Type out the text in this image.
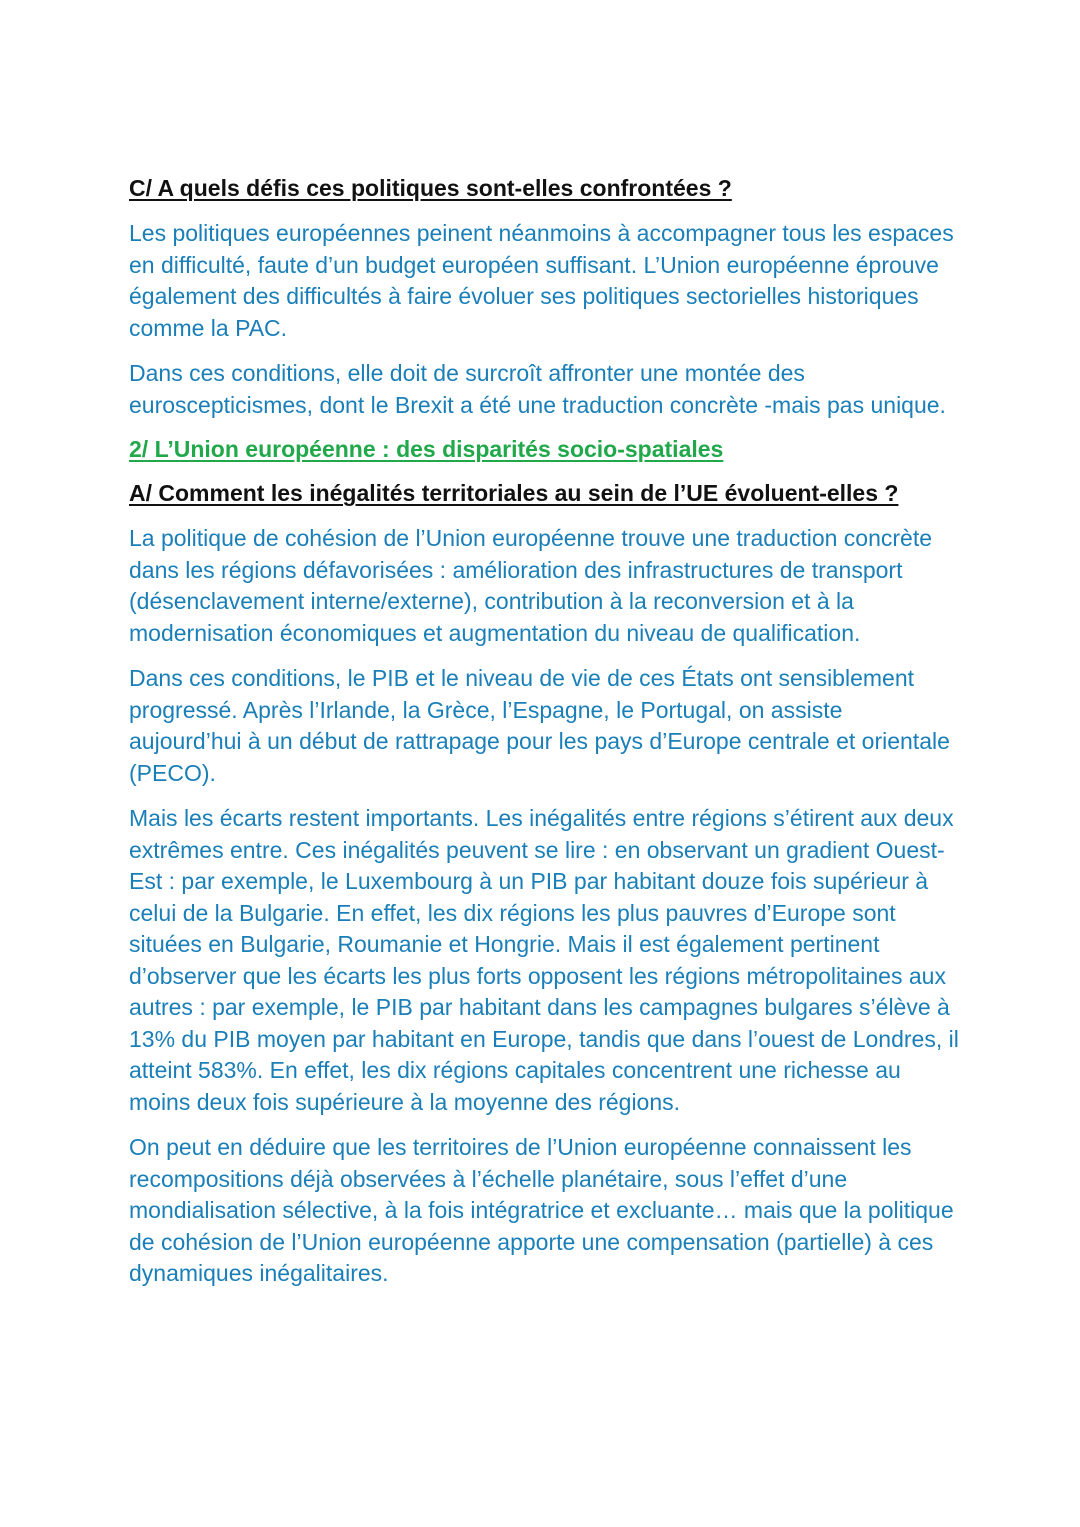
C/ A quels défis ces politiques sont-elles confrontées ?

Les politiques européennes peinent néanmoins à accompagner tous les espaces en difficulté, faute d’un budget européen suffisant. L’Union européenne éprouve également des difficultés à faire évoluer ses politiques sectorielles historiques comme la PAC.

Dans ces conditions, elle doit de surcroît affronter une montée des euroscepticismes, dont le Brexit a été une traduction concrète -mais pas unique.

2/ L’Union européenne : des disparités socio-spatiales
A/ Comment les inégalités territoriales au sein de l’UE évoluent-elles ?

La politique de cohésion de l’Union européenne trouve une traduction concrète dans les régions défavorisées : amélioration des infrastructures de transport (désenclavement interne/externe), contribution à la reconversion et à la modernisation économiques et augmentation du niveau de qualification.

Dans ces conditions, le PIB et le niveau de vie de ces États ont sensiblement progressé. Après l’Irlande, la Grèce, l’Espagne, le Portugal, on assiste aujourd’hui à un début de rattrapage pour les pays d’Europe centrale et orientale (PECO).

Mais les écarts restent importants. Les inégalités entre régions s’étirent aux deux extrêmes entre. Ces inégalités peuvent se lire : en observant un gradient Ouest-Est : par exemple, le Luxembourg à un PIB par habitant douze fois supérieur à celui de la Bulgarie. En effet, les dix régions les plus pauvres d’Europe sont situées en Bulgarie, Roumanie et Hongrie. Mais il est également pertinent d’observer que les écarts les plus forts opposent les régions métropolitaines aux autres : par exemple, le PIB par habitant dans les campagnes bulgares s’élève à 13% du PIB moyen par habitant en Europe, tandis que dans l’ouest de Londres, il atteint 583%. En effet, les dix régions capitales concentrent une richesse au moins deux fois supérieure à la moyenne des régions.

On peut en déduire que les territoires de l’Union européenne connaissent les recompositions déjà observées à l’échelle planétaire, sous l’effet d’une mondialisation sélective, à la fois intégratrice et excluante… mais que la politique de cohésion de l’Union européenne apporte une compensation (partielle) à ces dynamiques inégalitaires.
